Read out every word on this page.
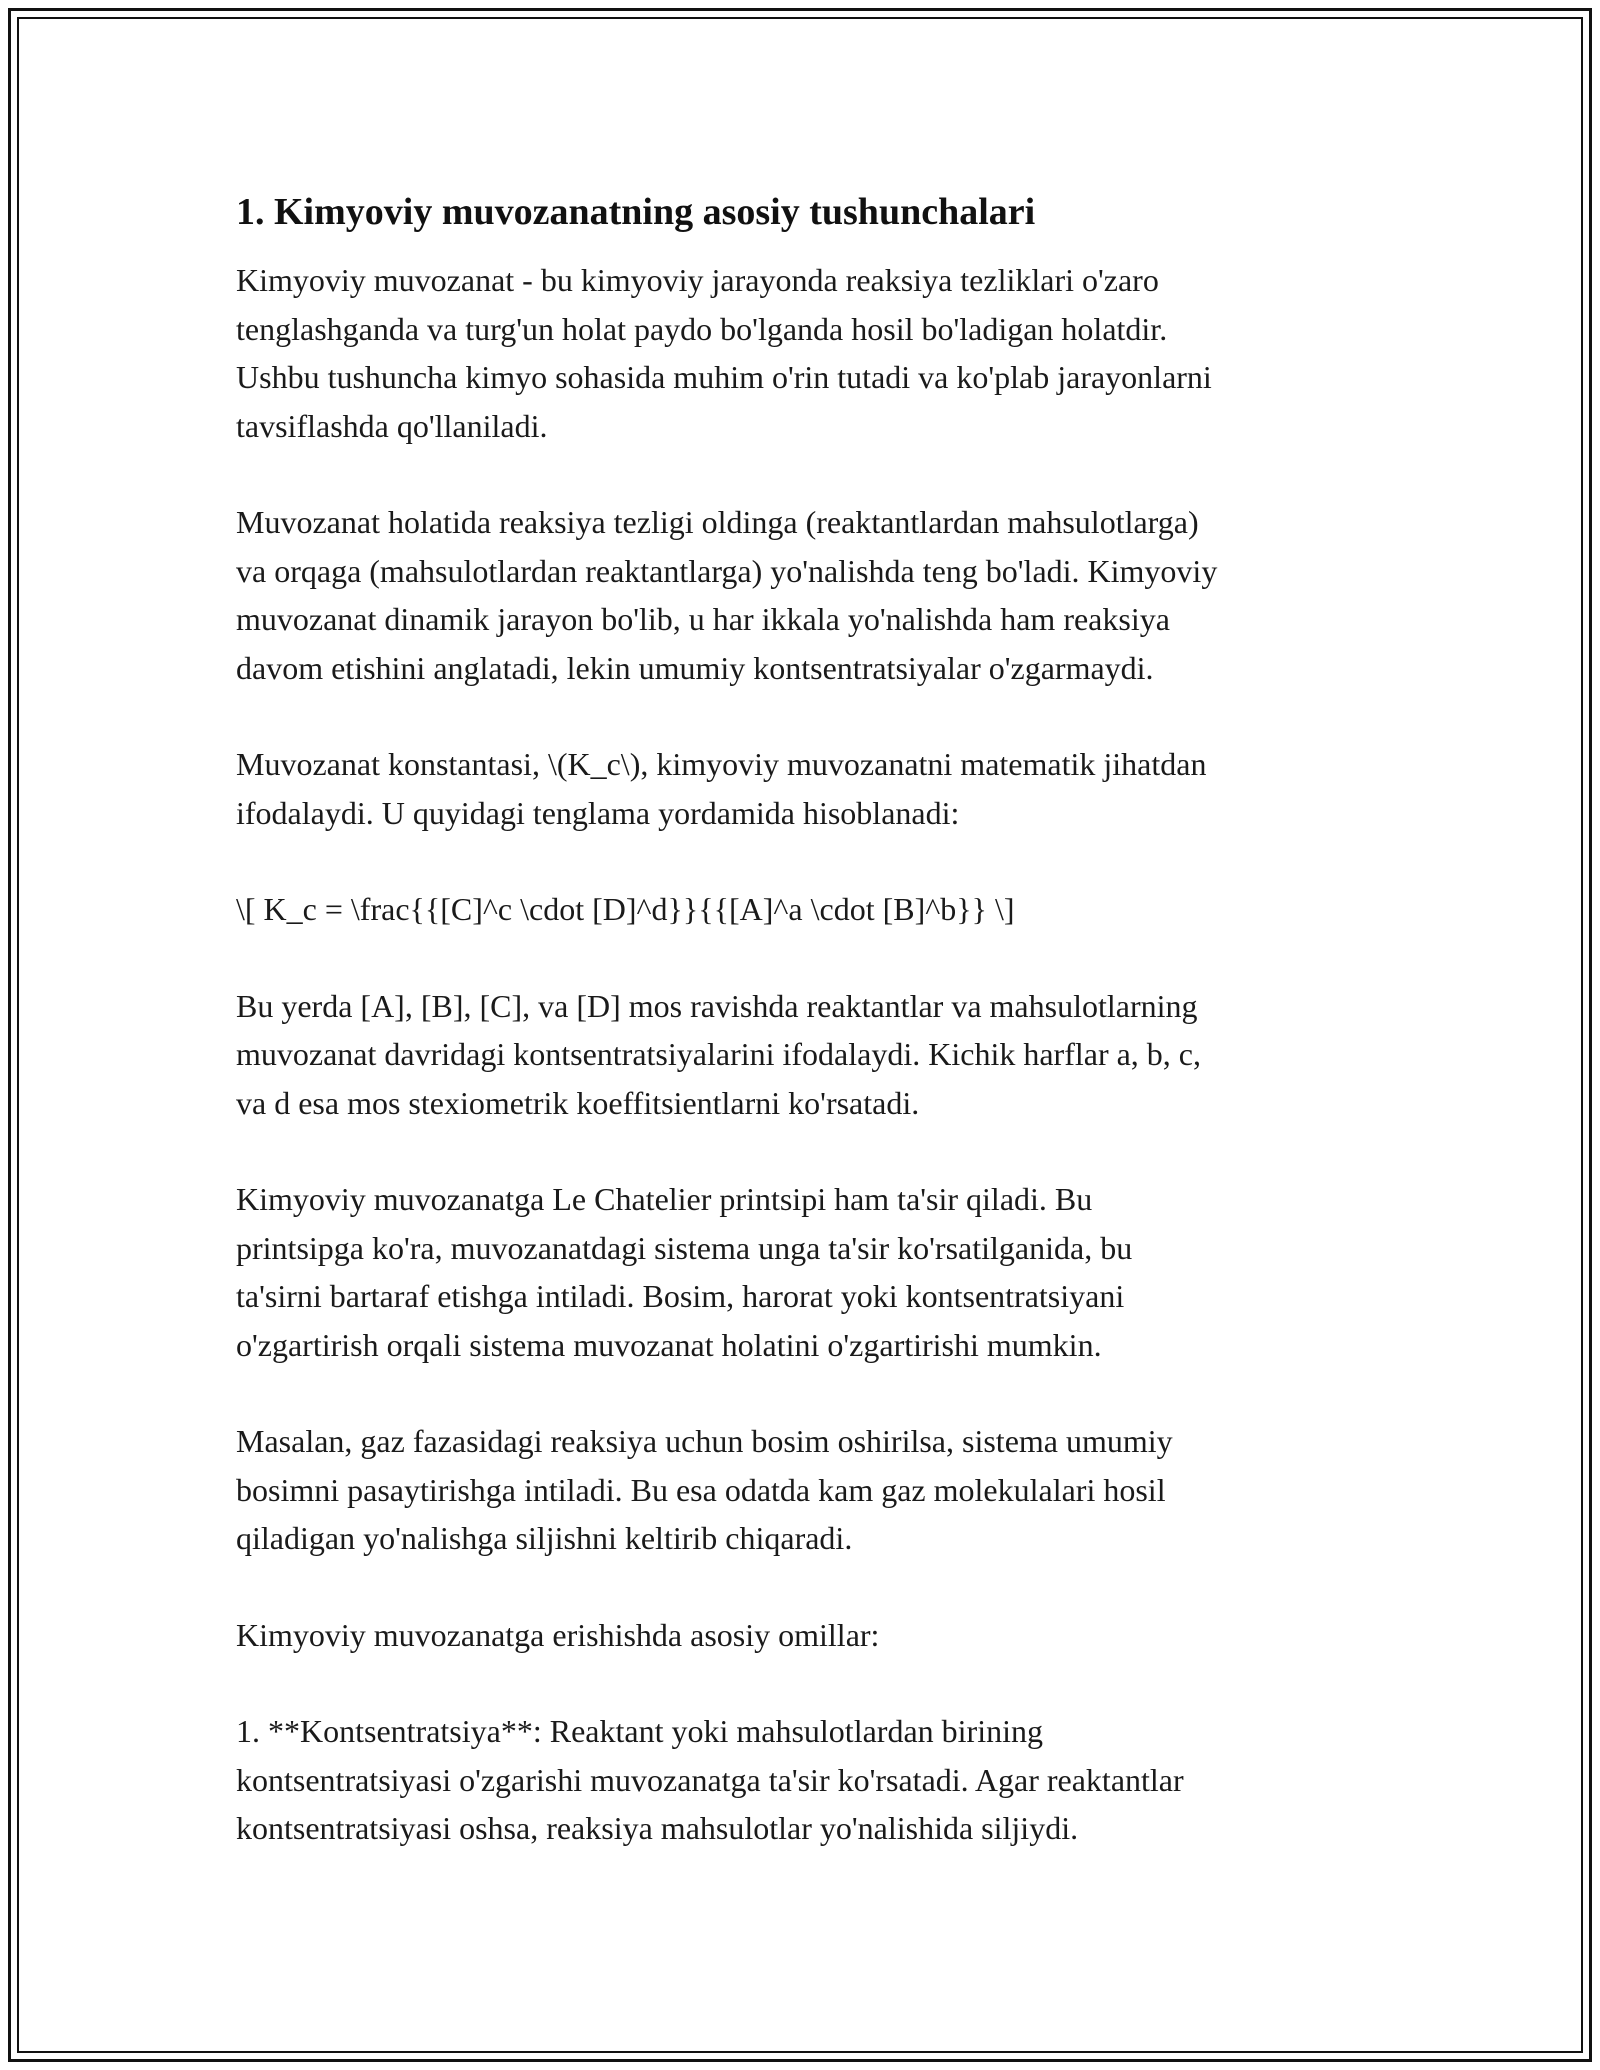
1. Kimyoviy muvozanatning asosiy tushunchalari

Kimyoviy muvozanat - bu kimyoviy jarayonda reaksiya tezliklari o'zaro
tenglashganda va turg'un holat paydo bo'lganda hosil bo'ladigan holatdir.
Ushbu tushuncha kimyo sohasida muhim o'rin tutadi va ko'plab jarayonlarni
tavsiflashda qo'llaniladi.

Muvozanat holatida reaksiya tezligi oldinga (reaktantlardan mahsulotlarga)
va orqaga (mahsulotlardan reaktantlarga) yo'nalishda teng bo'ladi. Kimyoviy
muvozanat dinamik jarayon bo'lib, u har ikkala yo'nalishda ham reaksiya
davom etishini anglatadi, lekin umumiy kontsentratsiyalar o'zgarmaydi.

Muvozanat konstantasi, \(K_c\), kimyoviy muvozanatni matematik jihatdan
ifodalaydi. U quyidagi tenglama yordamida hisoblanadi:

\[ K_c = \frac{{[C]^c \cdot [D]^d}}{{[A]^a \cdot [B]^b}} \]

Bu yerda [A], [B], [C], va [D] mos ravishda reaktantlar va mahsulotlarning
muvozanat davridagi kontsentratsiyalarini ifodalaydi. Kichik harflar a, b, c,
va d esa mos stexiometrik koeffitsientlarni ko'rsatadi.

Kimyoviy muvozanatga Le Chatelier printsipi ham ta'sir qiladi. Bu
printsipga ko'ra, muvozanatdagi sistema unga ta'sir ko'rsatilganida, bu
ta'sirni bartaraf etishga intiladi. Bosim, harorat yoki kontsentratsiyani
o'zgartirish orqali sistema muvozanat holatini o'zgartirishi mumkin.

Masalan, gaz fazasidagi reaksiya uchun bosim oshirilsa, sistema umumiy
bosimni pasaytirishga intiladi. Bu esa odatda kam gaz molekulalari hosil
qiladigan yo'nalishga siljishni keltirib chiqaradi.

Kimyoviy muvozanatga erishishda asosiy omillar:

1. **Kontsentratsiya**: Reaktant yoki mahsulotlardan birining
kontsentratsiyasi o'zgarishi muvozanatga ta'sir ko'rsatadi. Agar reaktantlar
kontsentratsiyasi oshsa, reaksiya mahsulotlar yo'nalishida siljiydi.
